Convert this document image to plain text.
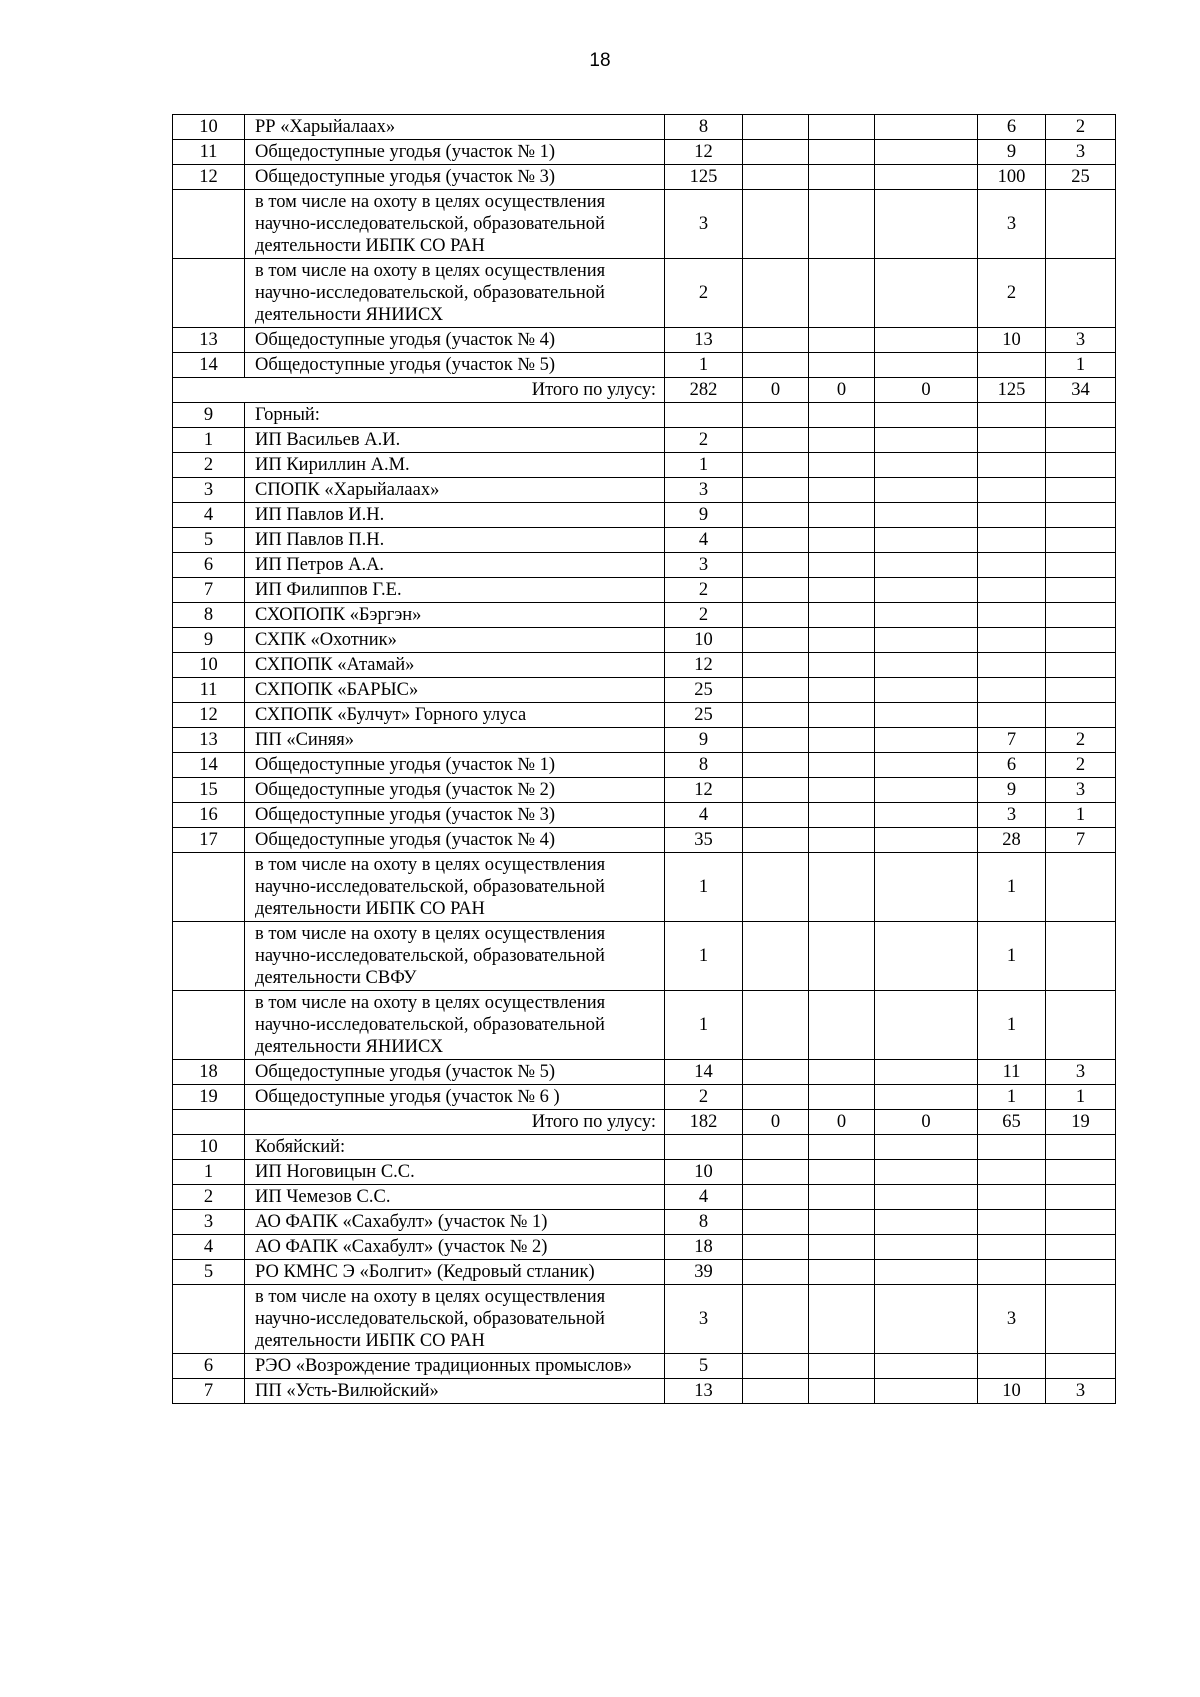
18
10	РР «Харыйалаах»	8				6	2
11	Общедоступные угодья (участок № 1)	12				9	3
12	Общедоступные угодья (участок № 3)	125				100	25
	в том числе на охоту в целях осуществления научно-исследовательской, образовательной деятельности ИБПК СО РАН	3				3	
	в том числе на охоту в целях осуществления научно-исследовательской, образовательной деятельности ЯНИИСХ	2				2	
13	Общедоступные угодья (участок № 4)	13				10	3
14	Общедоступные угодья (участок № 5)	1					1
Итого по улусу:		282	0	0	0	125	34
9	Горный:						
1	ИП Васильев А.И.	2					
2	ИП Кириллин А.М.	1					
3	СПОПК «Харыйалаах»	3					
4	ИП Павлов И.Н.	9					
5	ИП Павлов П.Н.	4					
6	ИП Петров А.А.	3					
7	ИП Филиппов Г.Е.	2					
8	СХОПОПК «Бэргэн»	2					
9	СХПК «Охотник»	10					
10	СХПОПК «Атамай»	12					
11	СХПОПК «БАРЫС»	25					
12	СХПОПК «Булчут» Горного улуса	25					
13	ПП «Синяя»	9				7	2
14	Общедоступные угодья (участок № 1)	8				6	2
15	Общедоступные угодья (участок № 2)	12				9	3
16	Общедоступные угодья (участок № 3)	4				3	1
17	Общедоступные угодья (участок № 4)	35				28	7
	в том числе на охоту в целях осуществления научно-исследовательской, образовательной деятельности ИБПК СО РАН	1				1	
	в том числе на охоту в целях осуществления научно-исследовательской, образовательной деятельности СВФУ	1				1	
	в том числе на охоту в целях осуществления научно-исследовательской, образовательной деятельности ЯНИИСХ	1				1	
18	Общедоступные угодья (участок № 5)	14				11	3
19	Общедоступные угодья (участок № 6 )	2				1	1
	Итого по улусу:	182	0	0	0	65	19
10	Кобяйский:						
1	ИП Ноговицын С.С.	10					
2	ИП Чемезов С.С.	4					
3	АО ФАПК «Сахабулт» (участок № 1)	8					
4	АО ФАПК «Сахабулт» (участок № 2)	18					
5	РО КМНС Э «Болгит» (Кедровый стланик)	39					
	в том числе на охоту в целях осуществления научно-исследовательской, образовательной деятельности ИБПК СО РАН	3				3	
6	РЭО «Возрождение традиционных промыслов»	5					
7	ПП «Усть-Вилюйский»	13				10	3
